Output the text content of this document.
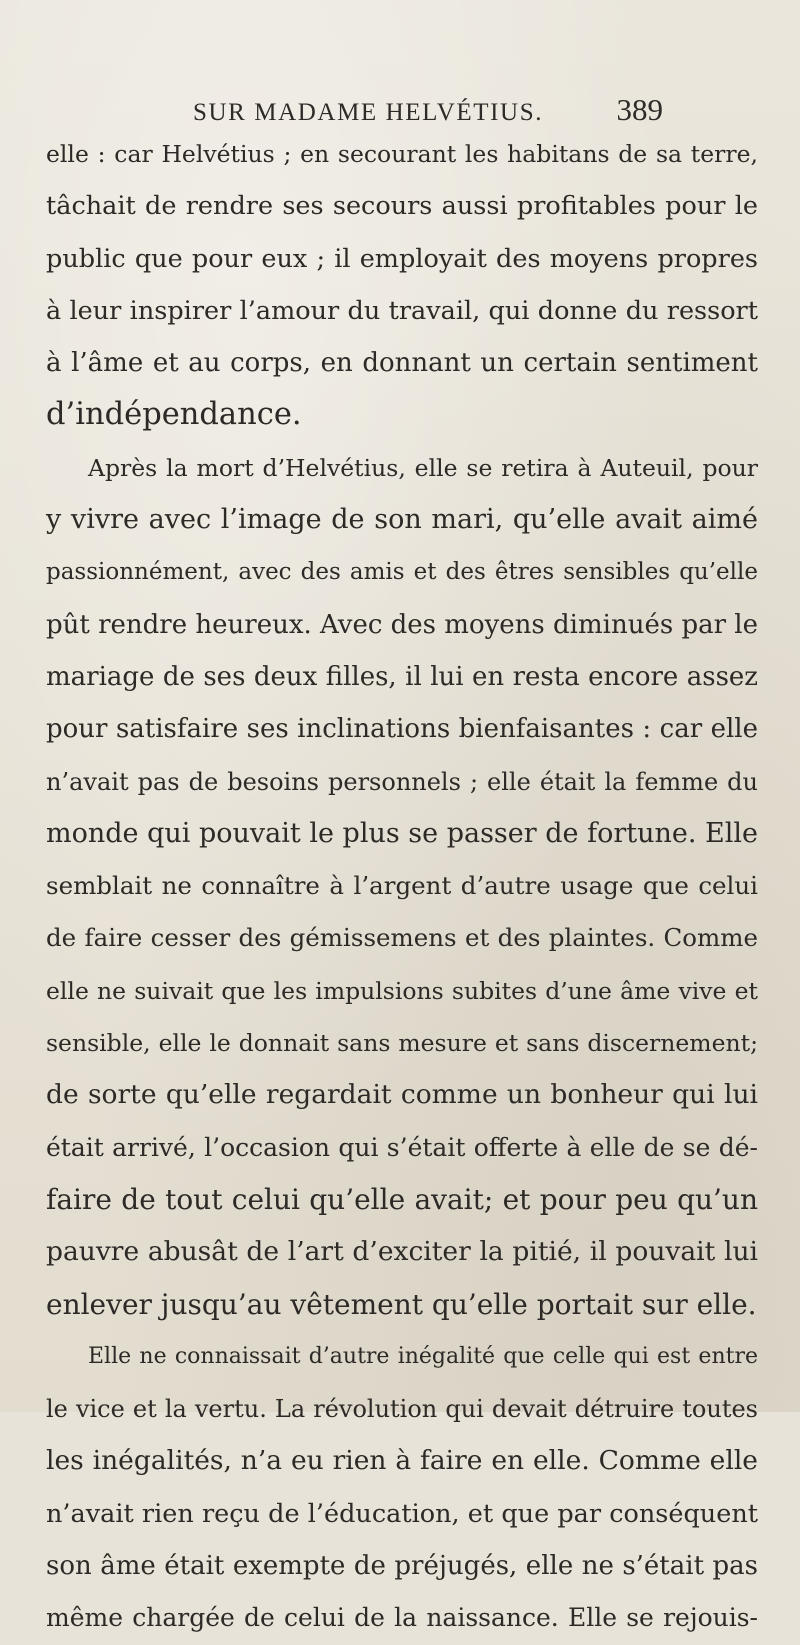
SUR MADAME HELVÉTIUS. 389
elle : car Helvétius ; en secourant les habitans de sa terre,
tâchait de rendre ses secours aussi profitables pour le
public que pour eux ; il employait des moyens propres
à leur inspirer l’amour du travail, qui donne du ressort
à l’âme et au corps, en donnant un certain sentiment
d’indépendance.
Après la mort d’Helvétius, elle se retira à Auteuil, pour
y vivre avec l’image de son mari, qu’elle avait aimé
passionnément, avec des amis et des êtres sensibles qu’elle
pût rendre heureux. Avec des moyens diminués par le
mariage de ses deux filles, il lui en resta encore assez
pour satisfaire ses inclinations bienfaisantes : car elle
n’avait pas de besoins personnels ; elle était la femme du
monde qui pouvait le plus se passer de fortune. Elle
semblait ne connaître à l’argent d’autre usage que celui
de faire cesser des gémissemens et des plaintes. Comme
elle ne suivait que les impulsions subites d’une âme vive et
sensible, elle le donnait sans mesure et sans discernement;
de sorte qu’elle regardait comme un bonheur qui lui
était arrivé, l’occasion qui s’était offerte à elle de se dé-
faire de tout celui qu’elle avait; et pour peu qu’un
pauvre abusât de l’art d’exciter la pitié, il pouvait lui
enlever jusqu’au vêtement qu’elle portait sur elle.
Elle ne connaissait d’autre inégalité que celle qui est entre
le vice et la vertu. La révolution qui devait détruire toutes
les inégalités, n’a eu rien à faire en elle. Comme elle
n’avait rien reçu de l’éducation, et que par conséquent
son âme était exempte de préjugés, elle ne s’était pas
même chargée de celui de la naissance. Elle se rejouis-
